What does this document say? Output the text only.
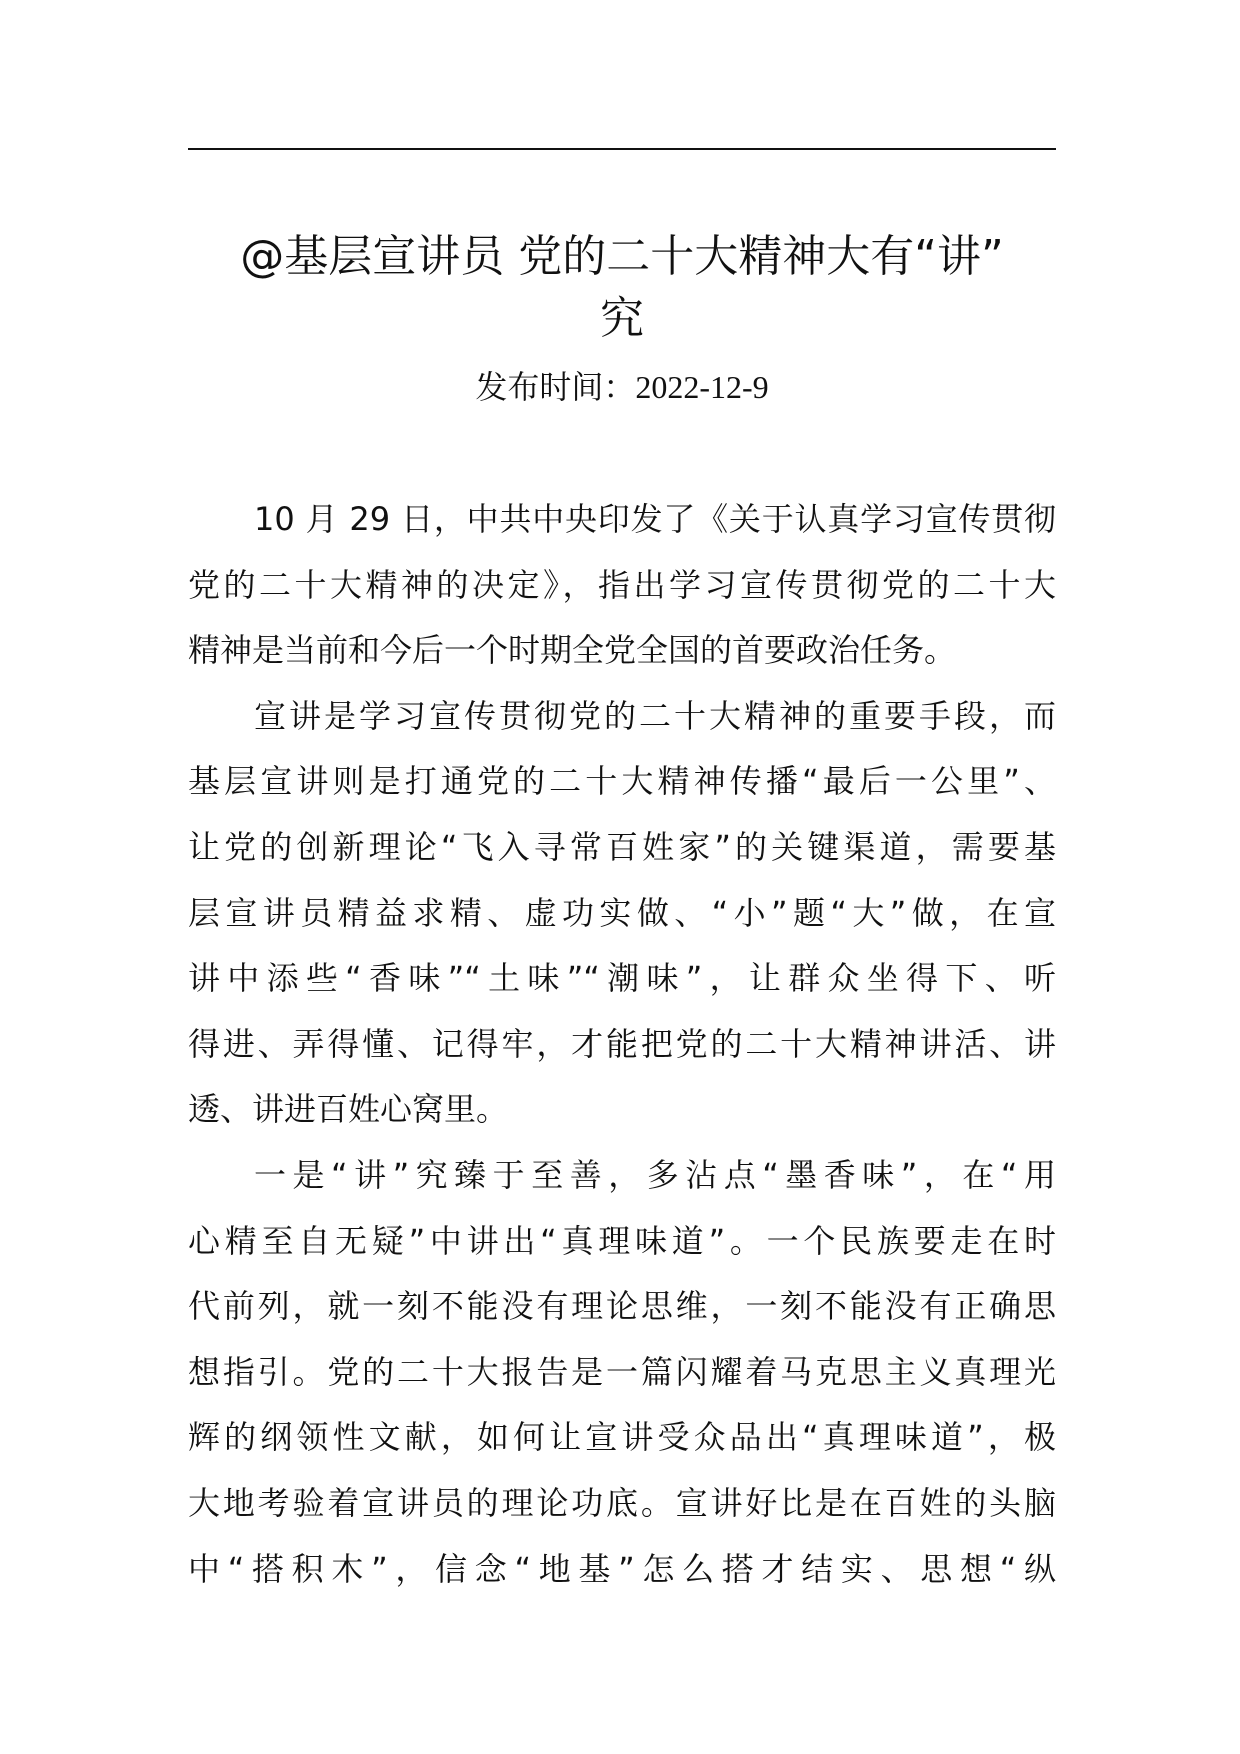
@基层宣讲员 党的二十大精神大有“讲”
究
发布时间：2022-12-9

10 月 29 日，中共中央印发了《关于认真学习宣传贯彻
党的二十大精神的决定》，指出学习宣传贯彻党的二十大
精神是当前和今后一个时期全党全国的首要政治任务。

宣讲是学习宣传贯彻党的二十大精神的重要手段，而
基层宣讲则是打通党的二十大精神传播“最后一公里”、
让党的创新理论“飞入寻常百姓家”的关键渠道，需要基
层宣讲员精益求精、虚功实做、“小”题“大”做，在宣
讲中添些“香味”“土味”“潮味”，让群众坐得下、听
得进、弄得懂、记得牢，才能把党的二十大精神讲活、讲
透、讲进百姓心窝里。

一是“讲”究臻于至善，多沾点“墨香味”，在“用
心精至自无疑”中讲出“真理味道”。一个民族要走在时
代前列，就一刻不能没有理论思维，一刻不能没有正确思
想指引。党的二十大报告是一篇闪耀着马克思主义真理光
辉的纲领性文献，如何让宣讲受众品出“真理味道”，极
大地考验着宣讲员的理论功底。宣讲好比是在百姓的头脑
中“搭积木”，信念“地基”怎么搭才结实、思想“纵
